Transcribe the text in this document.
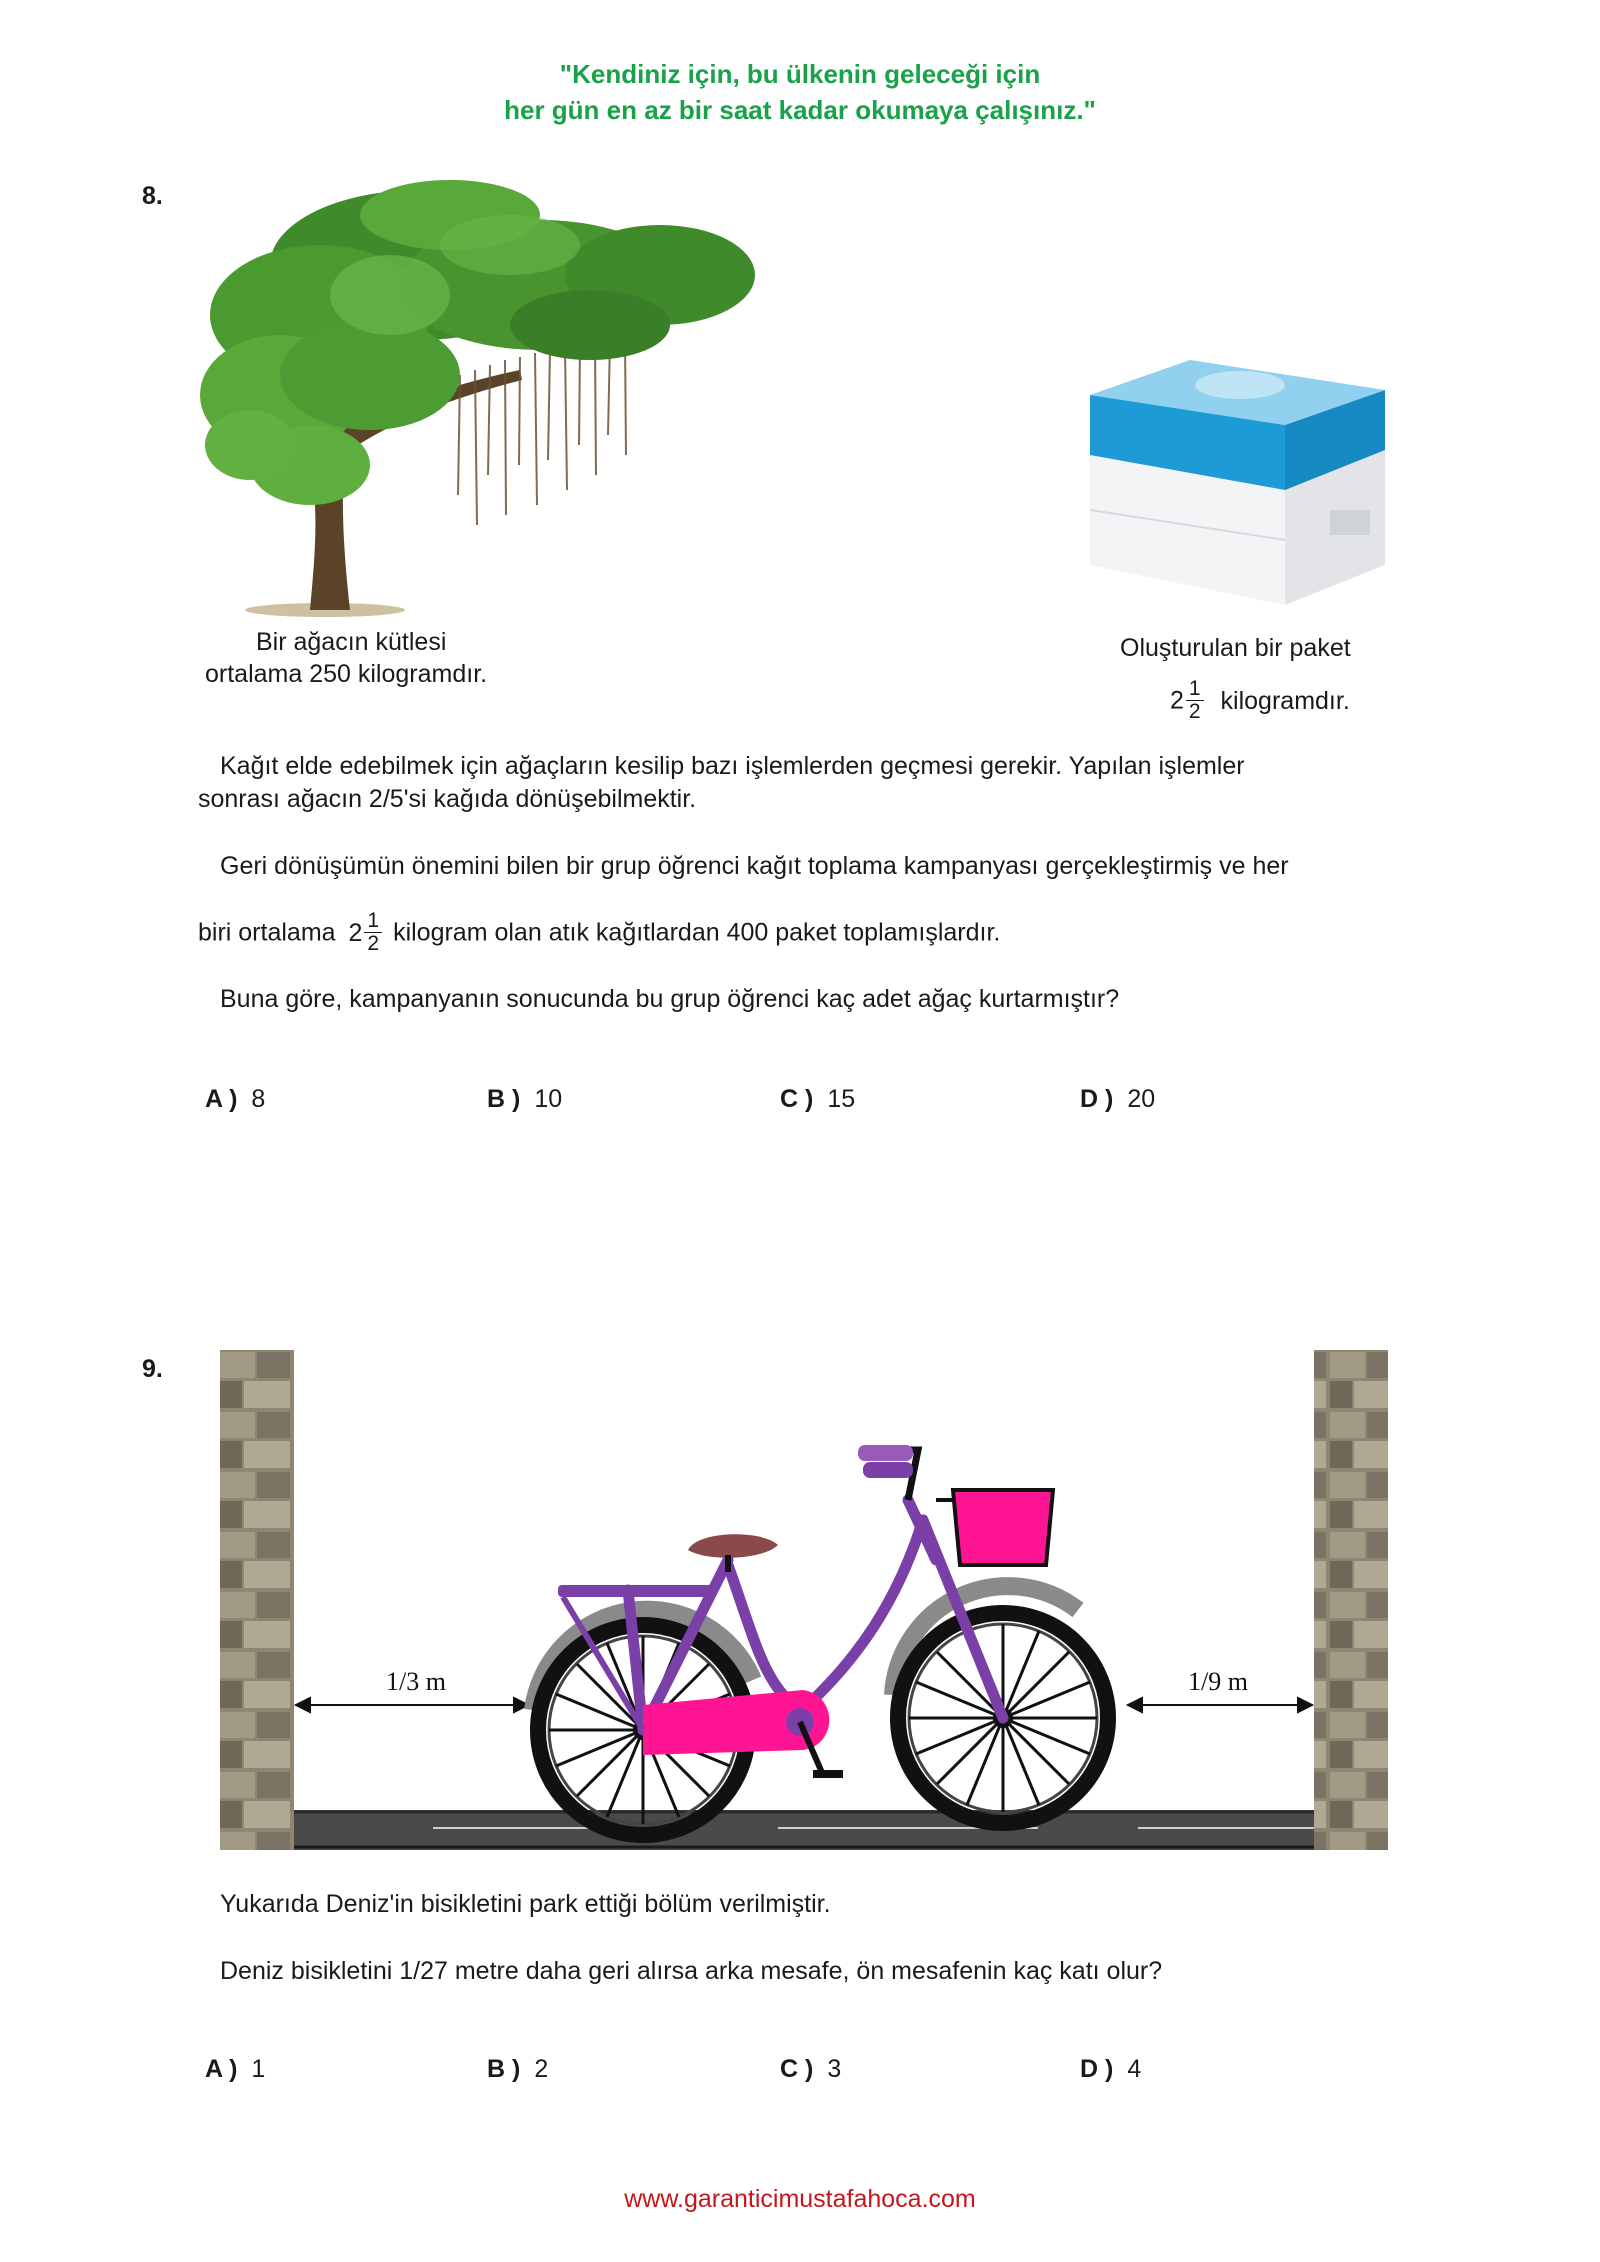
"Kendiniz için, bu ülkenin geleceği için
her gün en az bir saat kadar okumaya çalışınız."
8.
Bir ağacın kütlesi
ortalama 250 kilogramdır.
Oluşturulan bir paket
$2 \frac{1}{2}$ kilogramdır.
Kağıt elde edebilmek için ağaçların kesilip bazı işlemlerden geçmesi gerekir. Yapılan işlemler
sonrası ağacın 2/5'si kağıda dönüşebilmektir.
Geri dönüşümün önemini bilen bir grup öğrenci kağıt toplama kampanyası gerçekleştirmiş ve her
biri ortalama $2 \frac{1}{2}$ kilogram olan atık kağıtlardan 400 paket toplamışlardır.
Buna göre, kampanyanın sonucunda bu grup öğrenci kaç adet ağaç kurtarmıştır?
A ) 8	B ) 10	C ) 15	D ) 20
9.
1/3 m	1/9 m
Yukarıda Deniz'in bisikletini park ettiği bölüm verilmiştir.
Deniz bisikletini 1/27 metre daha geri alırsa arka mesafe, ön mesafenin kaç katı olur?
A ) 1	B ) 2	C ) 3	D ) 4
www.garanticimustafahoca.com
